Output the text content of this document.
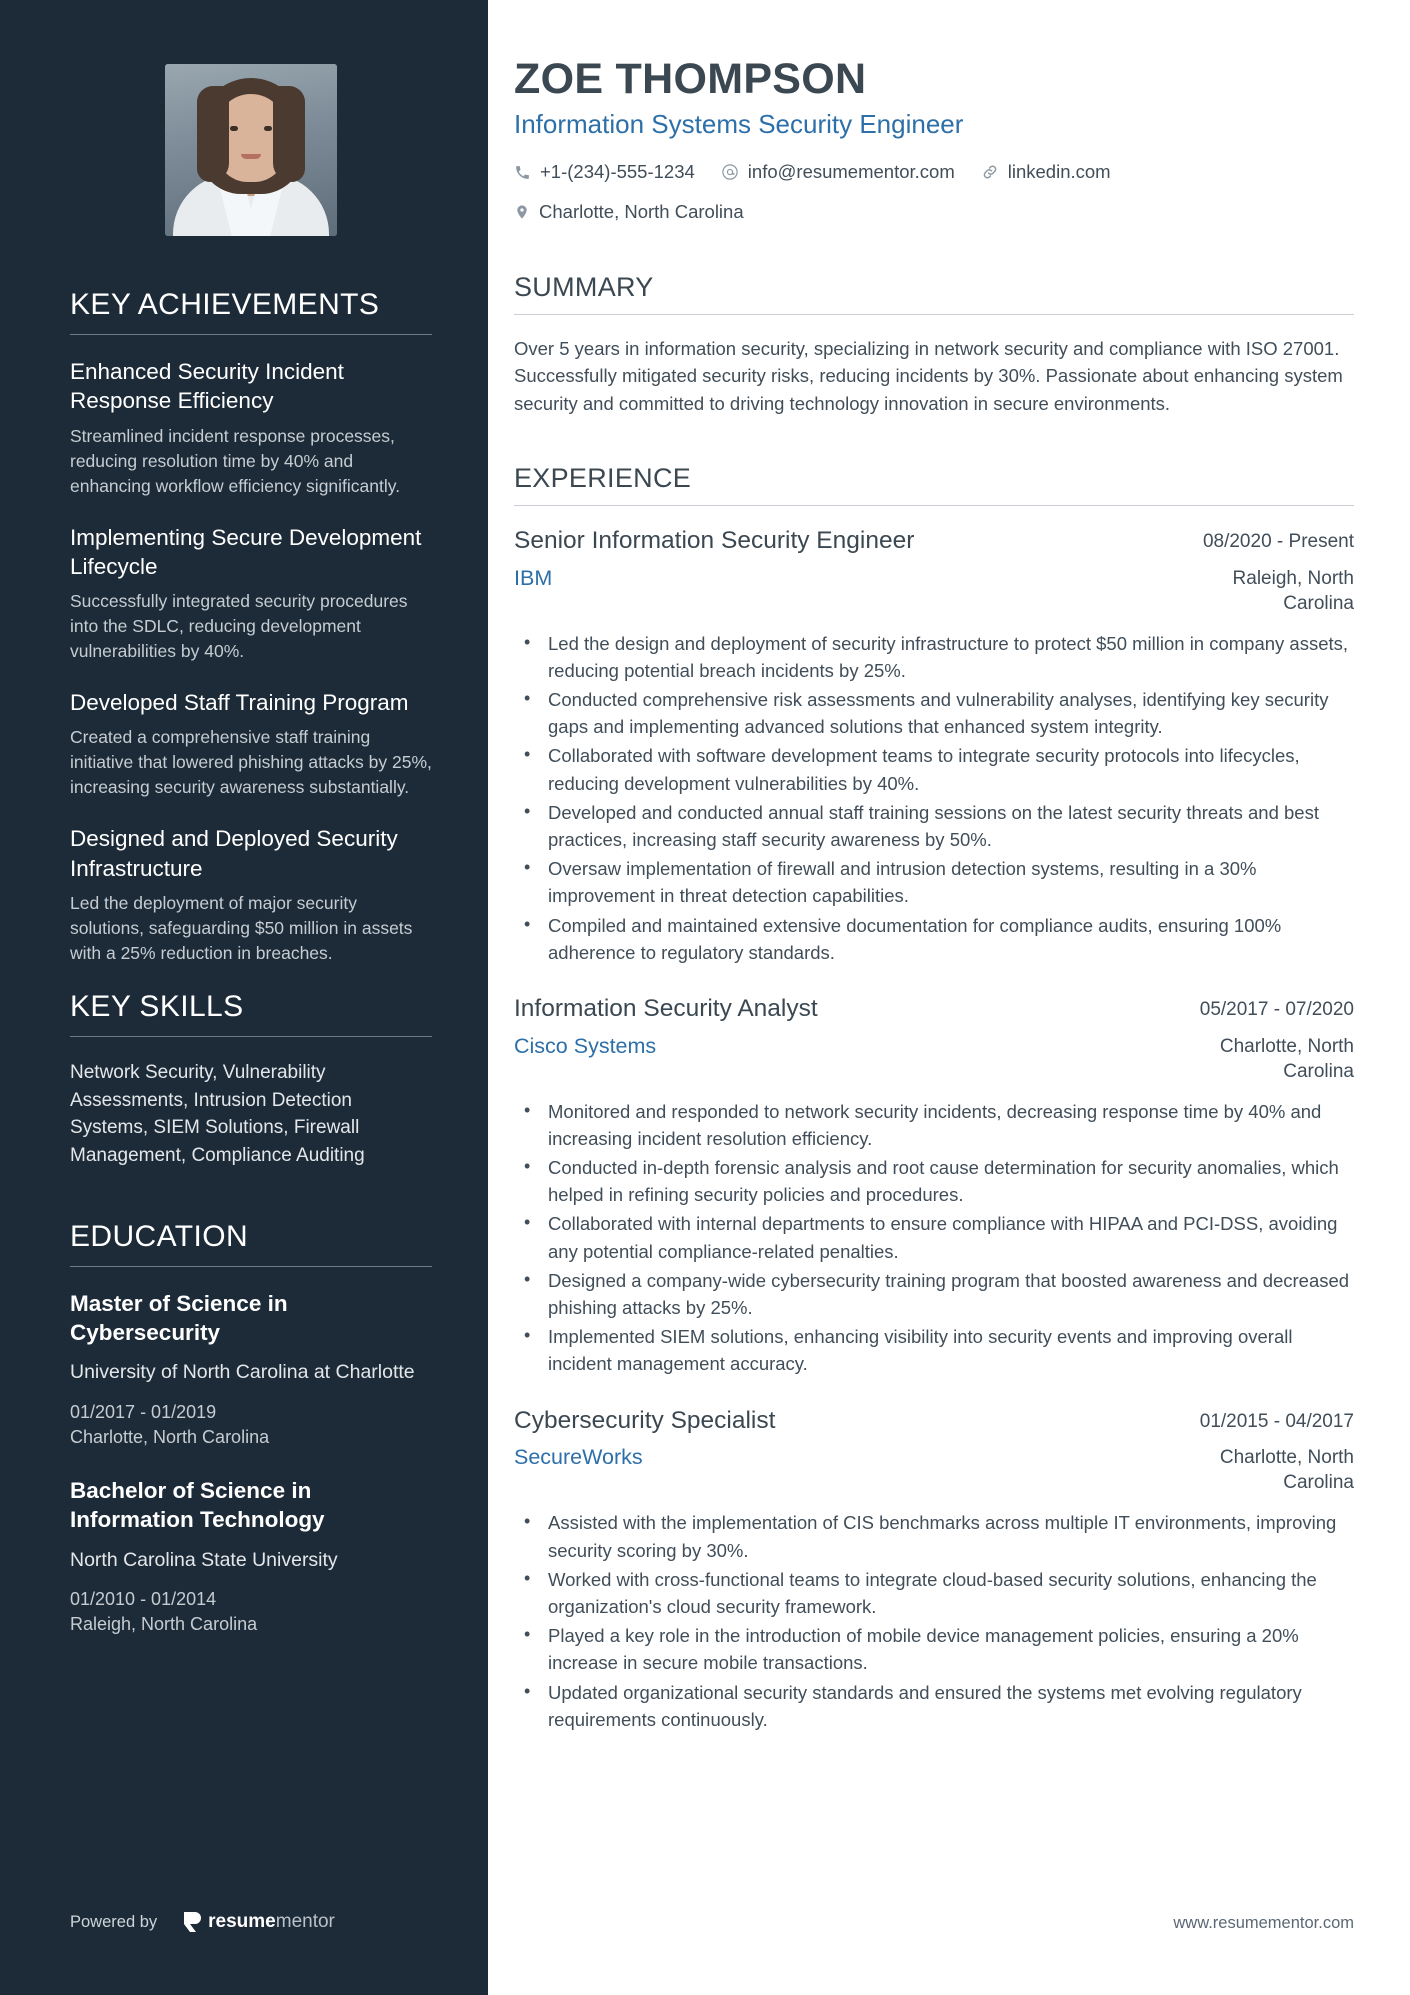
KEY ACHIEVEMENTS
Enhanced Security Incident Response Efficiency
Streamlined incident response processes, reducing resolution time by 40% and enhancing workflow efficiency significantly.
Implementing Secure Development Lifecycle
Successfully integrated security procedures into the SDLC, reducing development vulnerabilities by 40%.
Developed Staff Training Program
Created a comprehensive staff training initiative that lowered phishing attacks by 25%, increasing security awareness substantially.
Designed and Deployed Security Infrastructure
Led the deployment of major security solutions, safeguarding $50 million in assets with a 25% reduction in breaches.
KEY SKILLS
Network Security, Vulnerability Assessments, Intrusion Detection Systems, SIEM Solutions, Firewall Management, Compliance Auditing
EDUCATION
Master of Science in Cybersecurity
University of North Carolina at Charlotte
01/2017 - 01/2019
Charlotte, North Carolina
Bachelor of Science in Information Technology
North Carolina State University
01/2010 - 01/2014
Raleigh, North Carolina
Powered by	resumementor
ZOE THOMPSON
Information Systems Security Engineer
+1-(234)-555-1234	info@resumementor.com	linkedin.com
Charlotte, North Carolina
SUMMARY

Over 5 years in information security, specializing in network security and compliance with ISO 27001. Successfully mitigated security risks, reducing incidents by 30%. Passionate about enhancing system security and committed to driving technology innovation in secure environments.

EXPERIENCE
Senior Information Security Engineer	08/2020 - Present
IBM	Raleigh, North Carolina
• Led the design and deployment of security infrastructure to protect $50 million in company assets, reducing potential breach incidents by 25%.
• Conducted comprehensive risk assessments and vulnerability analyses, identifying key security gaps and implementing advanced solutions that enhanced system integrity.
• Collaborated with software development teams to integrate security protocols into lifecycles, reducing development vulnerabilities by 40%.
• Developed and conducted annual staff training sessions on the latest security threats and best practices, increasing staff security awareness by 50%.
• Oversaw implementation of firewall and intrusion detection systems, resulting in a 30% improvement in threat detection capabilities.
• Compiled and maintained extensive documentation for compliance audits, ensuring 100% adherence to regulatory standards.
Information Security Analyst	05/2017 - 07/2020
Cisco Systems	Charlotte, North Carolina
• Monitored and responded to network security incidents, decreasing response time by 40% and increasing incident resolution efficiency.
• Conducted in-depth forensic analysis and root cause determination for security anomalies, which helped in refining security policies and procedures.
• Collaborated with internal departments to ensure compliance with HIPAA and PCI-DSS, avoiding any potential compliance-related penalties.
• Designed a company-wide cybersecurity training program that boosted awareness and decreased phishing attacks by 25%.
• Implemented SIEM solutions, enhancing visibility into security events and improving overall incident management accuracy.
Cybersecurity Specialist	01/2015 - 04/2017
SecureWorks	Charlotte, North Carolina
• Assisted with the implementation of CIS benchmarks across multiple IT environments, improving security scoring by 30%.
• Worked with cross-functional teams to integrate cloud-based security solutions, enhancing the organization's cloud security framework.
• Played a key role in the introduction of mobile device management policies, ensuring a 20% increase in secure mobile transactions.
• Updated organizational security standards and ensured the systems met evolving regulatory requirements continuously.
www.resumementor.com
